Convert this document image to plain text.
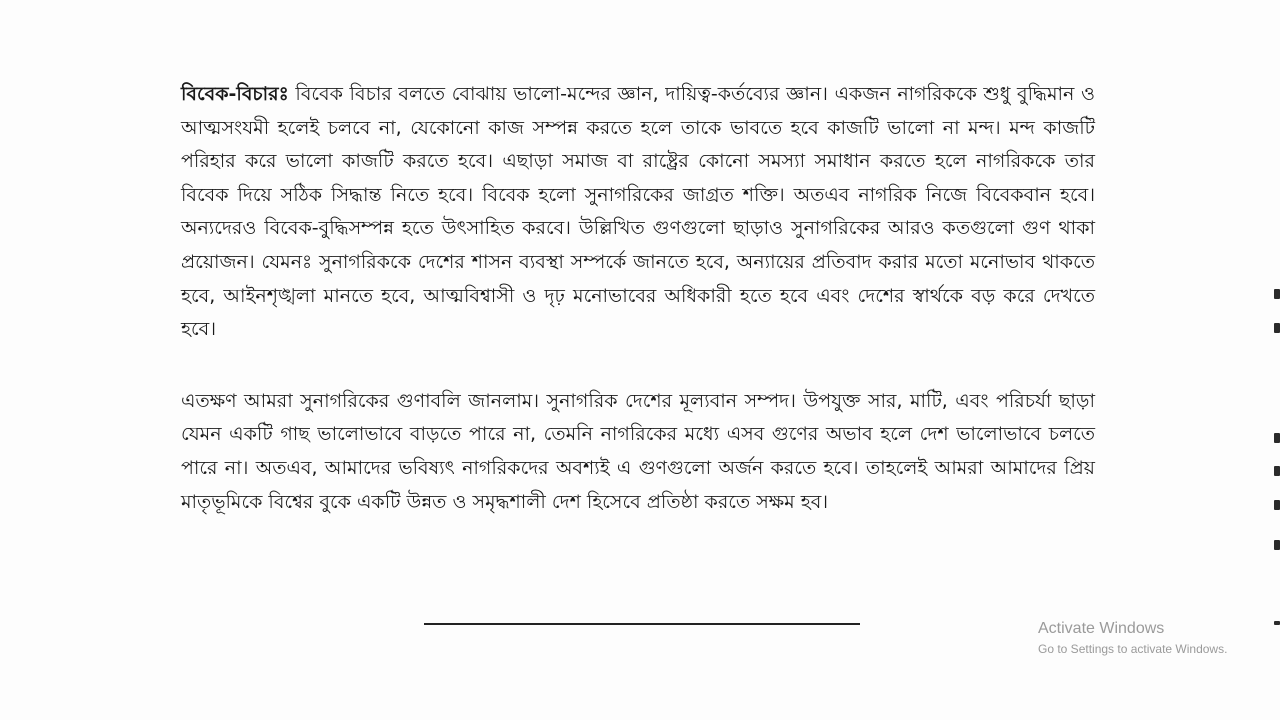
বিবেক-বিচারঃ বিবেক বিচার বলতে বোঝায় ভালো-মন্দের জ্ঞান, দায়িত্ব-কর্তব্যের জ্ঞান। একজন নাগরিককে শুধু বুদ্ধিমান ও আত্মসংযমী হলেই চলবে না, যেকোনো কাজ সম্পন্ন করতে হলে তাকে ভাবতে হবে কাজটি ভালো না মন্দ। মন্দ কাজটি পরিহার করে ভালো কাজটি করতে হবে। এছাড়া সমাজ বা রাষ্ট্রের কোনো সমস্যা সমাধান করতে হলে নাগরিককে তার বিবেক দিয়ে সঠিক সিদ্ধান্ত নিতে হবে। বিবেক হলো সুনাগরিকের জাগ্রত শক্তি। অতএব নাগরিক নিজে বিবেকবান হবে। অন্যদেরও বিবেক-বুদ্ধিসম্পন্ন হতে উৎসাহিত করবে। উল্লিখিত গুণগুলো ছাড়াও সুনাগরিকের আরও কতগুলো গুণ থাকা প্রয়োজন। যেমনঃ সুনাগরিককে দেশের শাসন ব্যবস্থা সম্পর্কে জানতে হবে, অন্যায়ের প্রতিবাদ করার মতো মনোভাব থাকতে হবে, আইনশৃঙ্খলা মানতে হবে, আত্মবিশ্বাসী ও দৃঢ় মনোভাবের অধিকারী হতে হবে এবং দেশের স্বার্থকে বড় করে দেখতে হবে।

এতক্ষণ আমরা সুনাগরিকের গুণাবলি জানলাম। সুনাগরিক দেশের মূল্যবান সম্পদ। উপযুক্ত সার, মাটি, এবং পরিচর্যা ছাড়া যেমন একটি গাছ ভালোভাবে বাড়তে পারে না, তেমনি নাগরিকের মধ্যে এসব গুণের অভাব হলে দেশ ভালোভাবে চলতে পারে না। অতএব, আমাদের ভবিষ্যৎ নাগরিকদের অবশ্যই এ গুণগুলো অর্জন করতে হবে। তাহলেই আমরা আমাদের প্রিয় মাতৃভূমিকে বিশ্বের বুকে একটি উন্নত ও সমৃদ্ধশালী দেশ হিসেবে প্রতিষ্ঠা করতে সক্ষম হব।

Activate Windows
Go to Settings to activate Windows.
